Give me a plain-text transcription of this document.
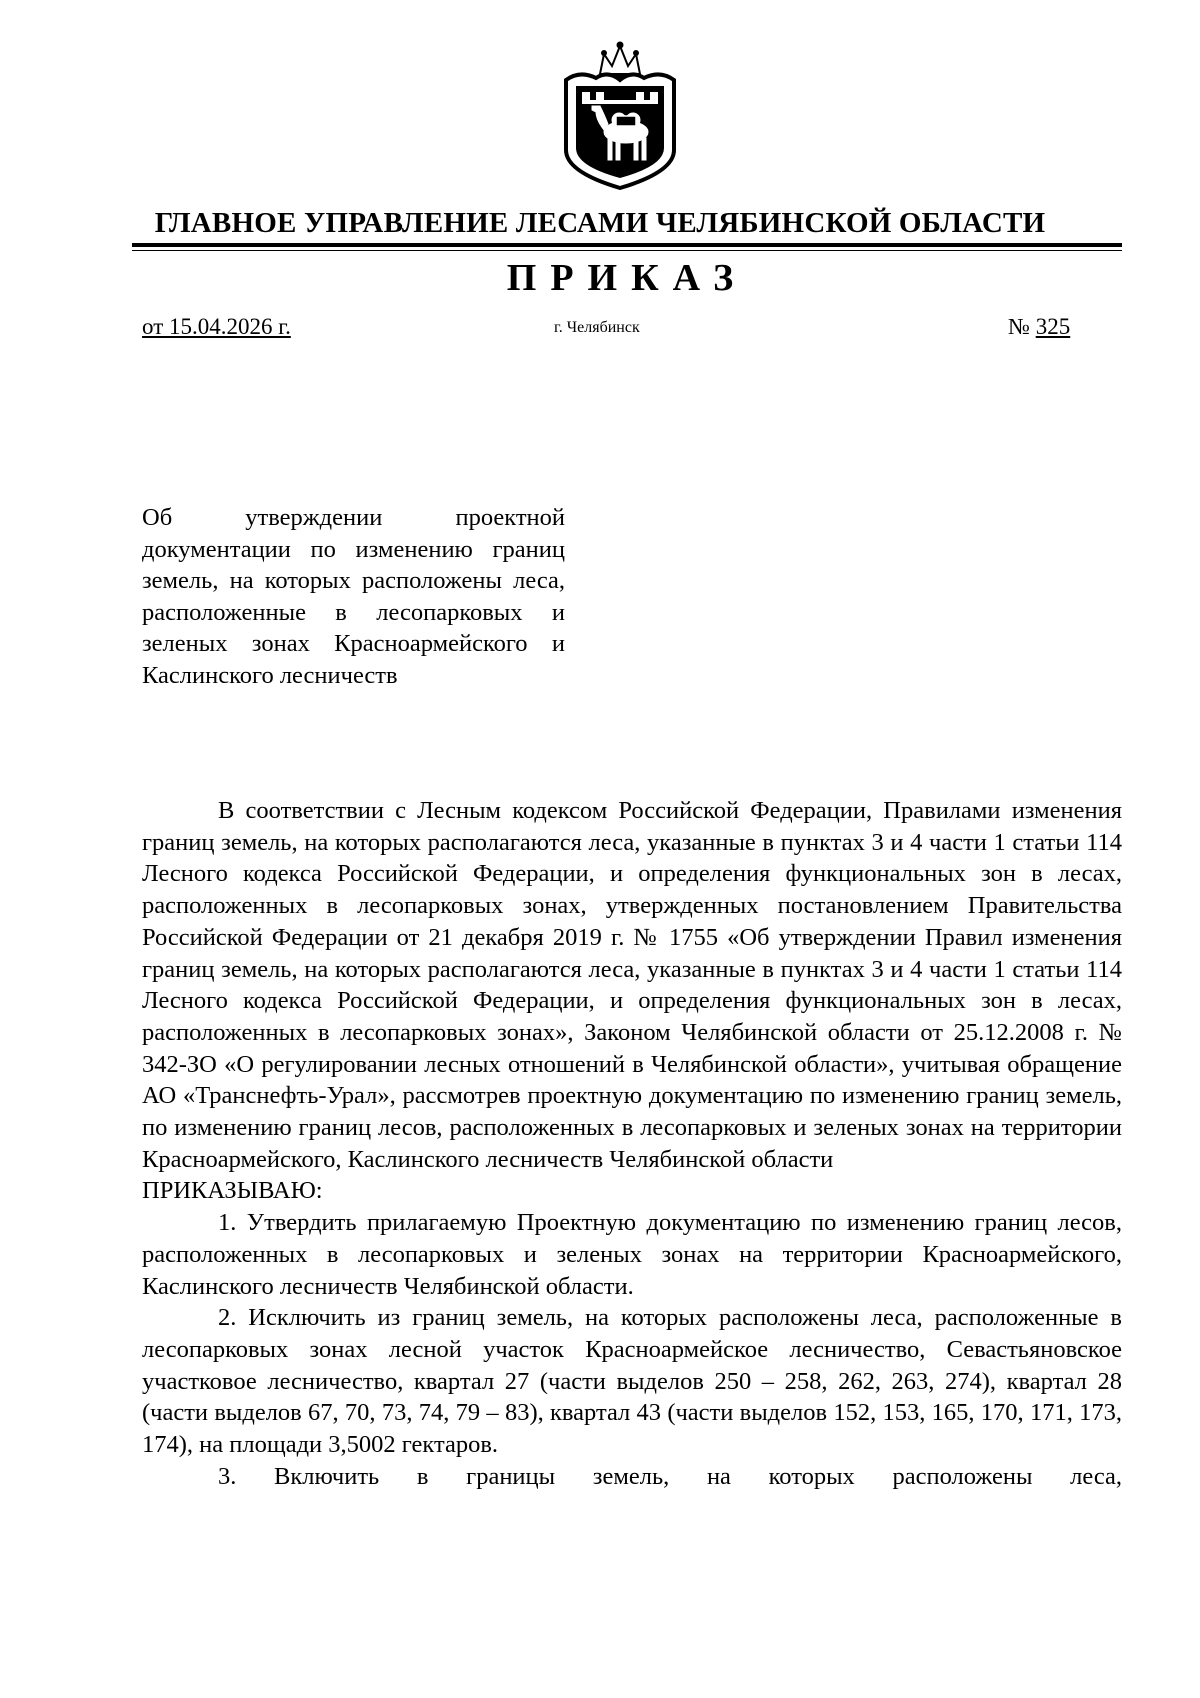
ГЛАВНОЕ УПРАВЛЕНИЕ ЛЕСАМИ ЧЕЛЯБИНСКОЙ ОБЛАСТИ
ПРИКАЗ
от 15.04.2026 г.	г. Челябинск	№ 325
Об утверждении проектной документации по изменению границ земель, на которых расположены леса, расположенные в лесопарковых и зеленых зонах Красноармейского и Каслинского лесничеств

В соответствии с Лесным кодексом Российской Федерации, Правилами изменения границ земель, на которых располагаются леса, указанные в пунктах 3 и 4 части 1 статьи 114 Лесного кодекса Российской Федерации, и определения функциональных зон в лесах, расположенных в лесопарковых зонах, утвержденных постановлением Правительства Российской Федерации от 21 декабря 2019 г. № 1755 «Об утверждении Правил изменения границ земель, на которых располагаются леса, указанные в пунктах 3 и 4 части 1 статьи 114 Лесного кодекса Российской Федерации, и определения функциональных зон в лесах, расположенных в лесопарковых зонах», Законом Челябинской области от 25.12.2008 г. № 342-ЗО «О регулировании лесных отношений в Челябинской области», учитывая обращение АО «Транснефть-Урал», рассмотрев проектную документацию по изменению границ земель, по изменению границ лесов, расположенных в лесопарковых и зеленых зонах на территории Красноармейского, Каслинского лесничеств Челябинской области

ПРИКАЗЫВАЮ:

1. Утвердить прилагаемую Проектную документацию по изменению границ лесов, расположенных в лесопарковых и зеленых зонах на территории Красноармейского, Каслинского лесничеств Челябинской области.

2. Исключить из границ земель, на которых расположены леса, расположенные в лесопарковых зонах лесной участок Красноармейское лесничество, Севастьяновское участковое лесничество, квартал 27 (части выделов 250 – 258, 262, 263, 274), квартал 28 (части выделов 67, 70, 73, 74, 79 – 83), квартал 43 (части выделов 152, 153, 165, 170, 171, 173, 174), на площади 3,5002 гектаров.

3. Включить в границы земель, на которых расположены леса,
